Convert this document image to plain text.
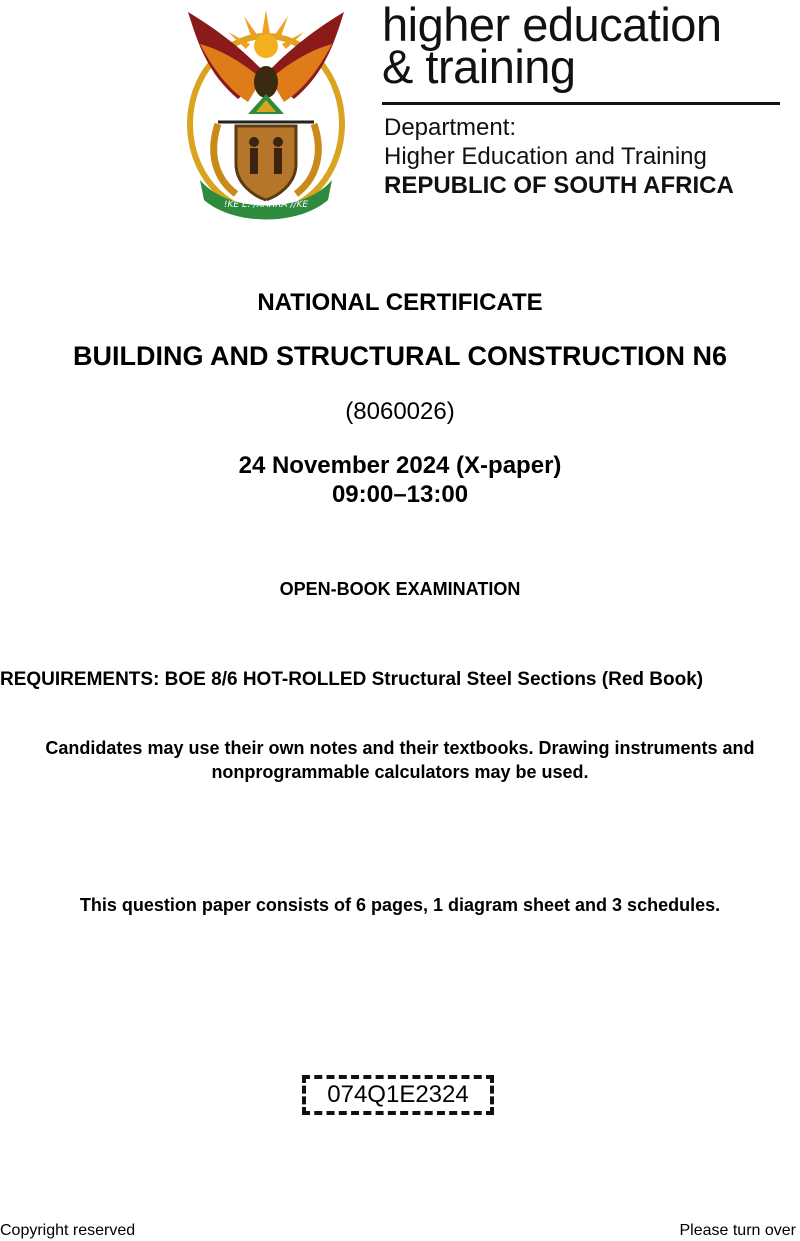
!KE E: /XARRA //KE
higher education
& training
Department:
Higher Education and Training
REPUBLIC OF SOUTH AFRICA
NATIONAL CERTIFICATE
BUILDING AND STRUCTURAL CONSTRUCTION N6
(8060026)
24 November 2024 (X-paper)
09:00–13:00
OPEN-BOOK EXAMINATION
REQUIREMENTS: BOE 8/6 HOT-ROLLED Structural Steel Sections (Red Book)
Candidates may use their own notes and their textbooks. Drawing instruments and
nonprogrammable calculators may be used.
This question paper consists of 6 pages, 1 diagram sheet and 3 schedules.
074Q1E2324
Copyright reserved	Please turn over
